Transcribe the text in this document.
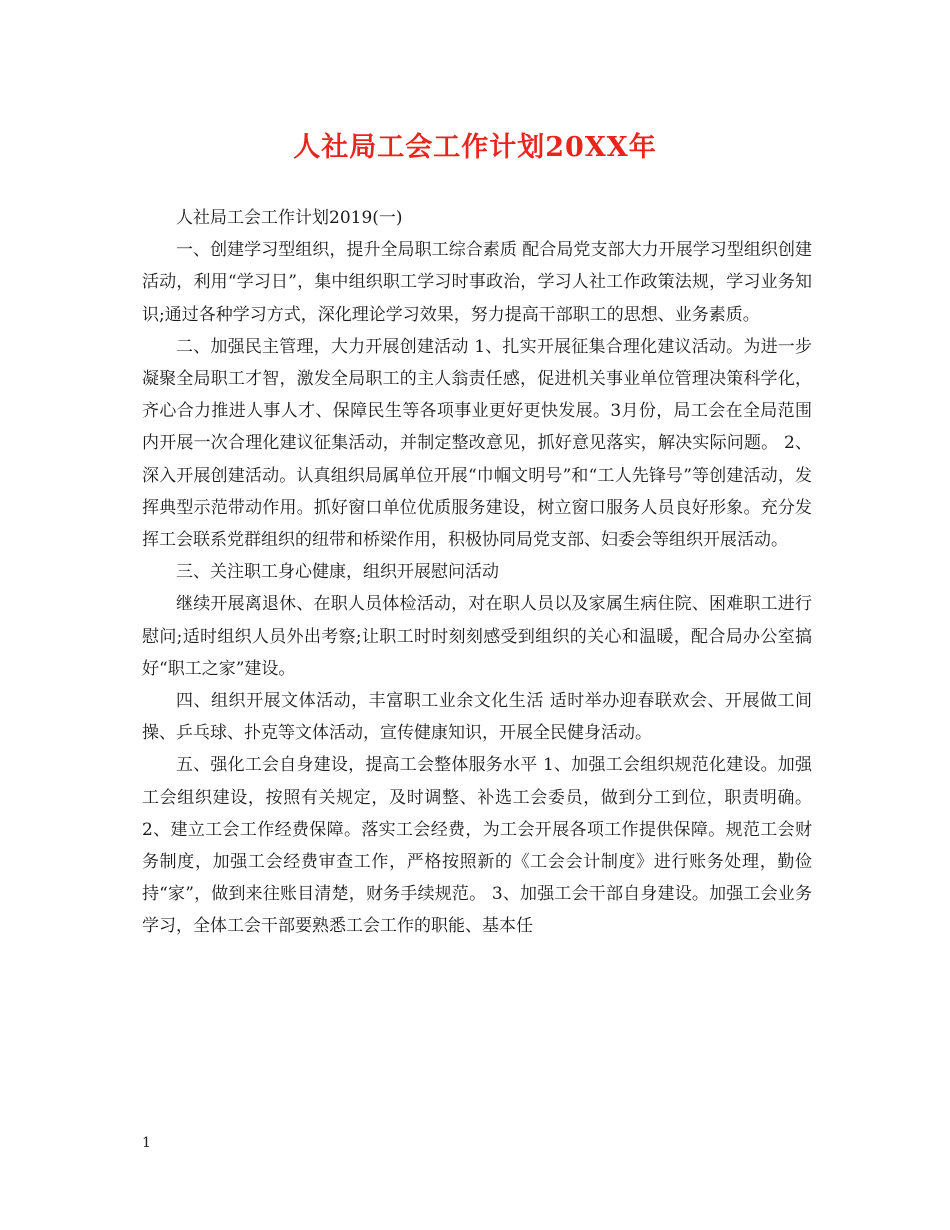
人社局工会工作计划20XX年

人社局工会工作计划2019(一)

一、创建学习型组织，提升全局职工综合素质 配合局党支部大力开展学习型组织创建活动，利用“学习日”，集中组织职工学习时事政治，学习人社工作政策法规，学习业务知识;通过各种学习方式，深化理论学习效果，努力提高干部职工的思想、业务素质。

二、加强民主管理，大力开展创建活动 1、扎实开展征集合理化建议活动。为进一步凝聚全局职工才智，激发全局职工的主人翁责任感，促进机关事业单位管理决策科学化，齐心合力推进人事人才、保障民生等各项事业更好更快发展。3月份，局工会在全局范围内开展一次合理化建议征集活动，并制定整改意见，抓好意见落实，解决实际问题。 2、深入开展创建活动。认真组织局属单位开展“巾帼文明号”和“工人先锋号”等创建活动，发挥典型示范带动作用。抓好窗口单位优质服务建设，树立窗口服务人员良好形象。充分发挥工会联系党群组织的纽带和桥梁作用，积极协同局党支部、妇委会等组织开展活动。

三、关注职工身心健康，组织开展慰问活动

继续开展离退休、在职人员体检活动，对在职人员以及家属生病住院、困难职工进行慰问;适时组织人员外出考察;让职工时时刻刻感受到组织的关心和温暖，配合局办公室搞好“职工之家”建设。

四、组织开展文体活动，丰富职工业余文化生活 适时举办迎春联欢会、开展做工间操、乒乓球、扑克等文体活动，宣传健康知识，开展全民健身活动。

五、强化工会自身建设，提高工会整体服务水平 1、加强工会组织规范化建设。加强工会组织建设，按照有关规定，及时调整、补选工会委员，做到分工到位，职责明确。 2、建立工会工作经费保障。落实工会经费，为工会开展各项工作提供保障。规范工会财务制度，加强工会经费审查工作，严格按照新的《工会会计制度》进行账务处理，勤俭持“家”，做到来往账目清楚，财务手续规范。 3、加强工会干部自身建设。加强工会业务学习，全体工会干部要熟悉工会工作的职能、基本任

1
